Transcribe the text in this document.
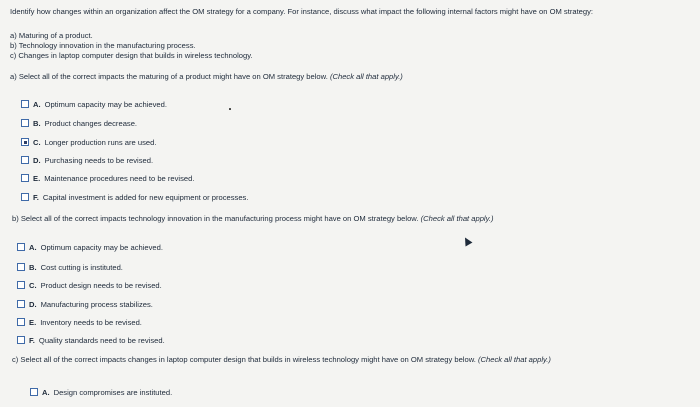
Identify how changes within an organization affect the OM strategy for a company. For instance, discuss what impact the following internal factors might have on OM strategy:
a) Maturing of a product.
b) Technology innovation in the manufacturing process.
c) Changes in laptop computer design that builds in wireless technology.
a) Select all of the correct impacts the maturing of a product might have on OM strategy below. (Check all that apply.)
A. Optimum capacity may be achieved.
B. Product changes decrease.
C. Longer production runs are used.
D. Purchasing needs to be revised.
E. Maintenance procedures need to be revised.
F. Capital investment is added for new equipment or processes.
b) Select all of the correct impacts technology innovation in the manufacturing process might have on OM strategy below. (Check all that apply.)
A. Optimum capacity may be achieved.
B. Cost cutting is instituted.
C. Product design needs to be revised.
D. Manufacturing process stabilizes.
E. Inventory needs to be revised.
F. Quality standards need to be revised.
c) Select all of the correct impacts changes in laptop computer design that builds in wireless technology might have on OM strategy below. (Check all that apply.)
A. Design compromises are instituted.
